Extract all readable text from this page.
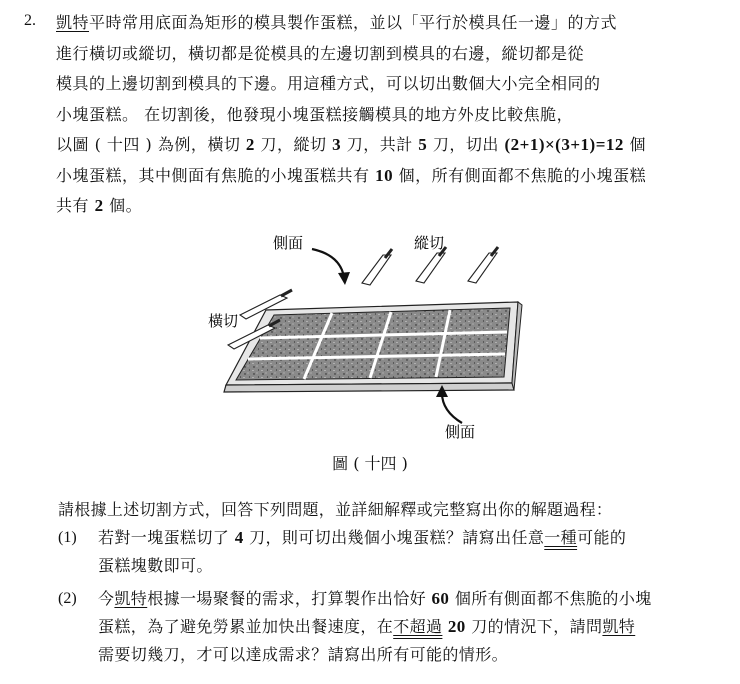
2. 凱特平時常用底面為矩形的模具製作蛋糕，並以「平行於模具任一邊」的方式
進行橫切或縱切，橫切都是從模具的左邊切割到模具的右邊，縱切都是從
模具的上邊切割到模具的下邊。用這種方式，可以切出數個大小完全相同的
小塊蛋糕。 在切割後，他發現小塊蛋糕接觸模具的地方外皮比較焦脆，
以圖 ( 十四 ) 為例，橫切 2 刀，縱切 3 刀，共計 5 刀，切出 (2+1)×(3+1)=12 個
小塊蛋糕，其中側面有焦脆的小塊蛋糕共有 10 個，所有側面都不焦脆的小塊蛋糕
共有 2 個。
側面	縱切
橫切
側面
圖 ( 十四 )
請根據上述切割方式，回答下列問題，並詳細解釋或完整寫出你的解題過程：
(1) 若對一塊蛋糕切了 4 刀，則可切出幾個小塊蛋糕？請寫出任意一種可能的
蛋糕塊數即可。
(2) 今凱特根據一場聚餐的需求，打算製作出恰好 60 個所有側面都不焦脆的小塊
蛋糕，為了避免勞累並加快出餐速度，在不超過 20 刀的情況下，請問凱特
需要切幾刀，才可以達成需求？請寫出所有可能的情形。
